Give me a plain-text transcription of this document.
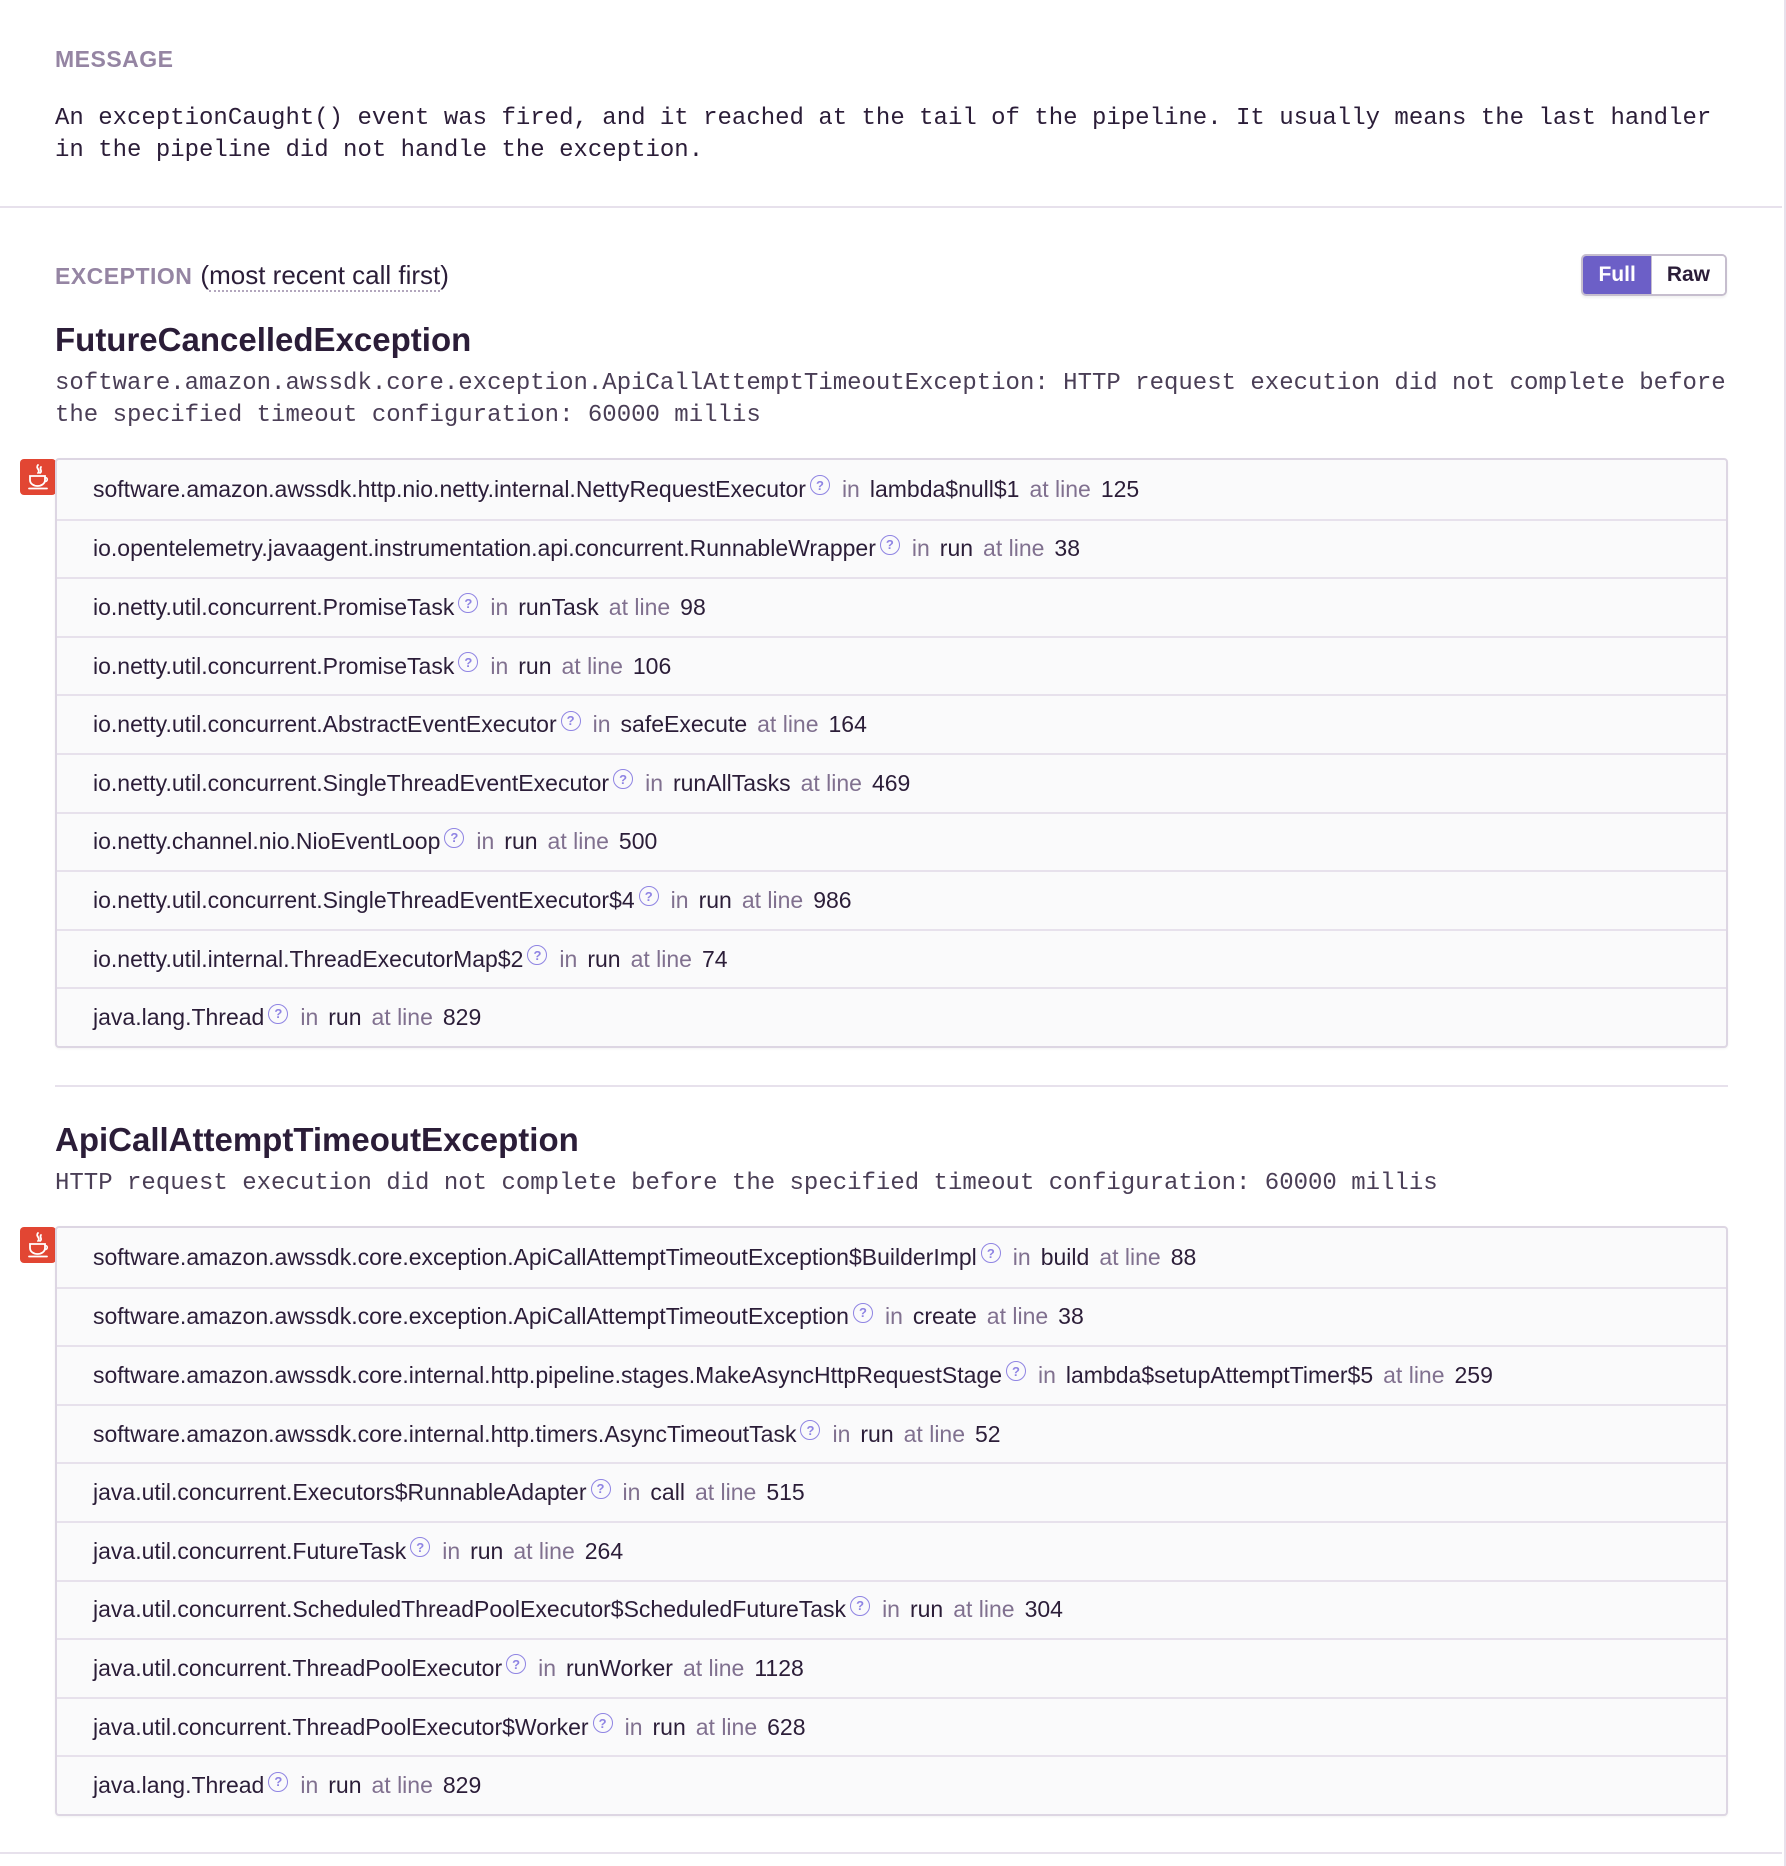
MESSAGE
An exceptionCaught() event was fired, and it reached at the tail of the pipeline. It usually means the last handler in the pipeline did not handle the exception.
EXCEPTION (most recent call first)	Full	Raw
FutureCancelledException
software.amazon.awssdk.core.exception.ApiCallAttemptTimeoutException: HTTP request execution did not complete before the specified timeout configuration: 60000 millis
software.amazon.awssdk.http.nio.netty.internal.NettyRequestExecutor ? in lambda$null$1 at line 125
io.opentelemetry.javaagent.instrumentation.api.concurrent.RunnableWrapper ? in run at line 38
io.netty.util.concurrent.PromiseTask ? in runTask at line 98
io.netty.util.concurrent.PromiseTask ? in run at line 106
io.netty.util.concurrent.AbstractEventExecutor ? in safeExecute at line 164
io.netty.util.concurrent.SingleThreadEventExecutor ? in runAllTasks at line 469
io.netty.channel.nio.NioEventLoop ? in run at line 500
io.netty.util.concurrent.SingleThreadEventExecutor$4 ? in run at line 986
io.netty.util.internal.ThreadExecutorMap$2 ? in run at line 74
java.lang.Thread ? in run at line 829
ApiCallAttemptTimeoutException
HTTP request execution did not complete before the specified timeout configuration: 60000 millis
software.amazon.awssdk.core.exception.ApiCallAttemptTimeoutException$BuilderImpl ? in build at line 88
software.amazon.awssdk.core.exception.ApiCallAttemptTimeoutException ? in create at line 38
software.amazon.awssdk.core.internal.http.pipeline.stages.MakeAsyncHttpRequestStage ? in lambda$setupAttemptTimer$5 at line 259
software.amazon.awssdk.core.internal.http.timers.AsyncTimeoutTask ? in run at line 52
java.util.concurrent.Executors$RunnableAdapter ? in call at line 515
java.util.concurrent.FutureTask ? in run at line 264
java.util.concurrent.ScheduledThreadPoolExecutor$ScheduledFutureTask ? in run at line 304
java.util.concurrent.ThreadPoolExecutor ? in runWorker at line 1128
java.util.concurrent.ThreadPoolExecutor$Worker ? in run at line 628
java.lang.Thread ? in run at line 829
